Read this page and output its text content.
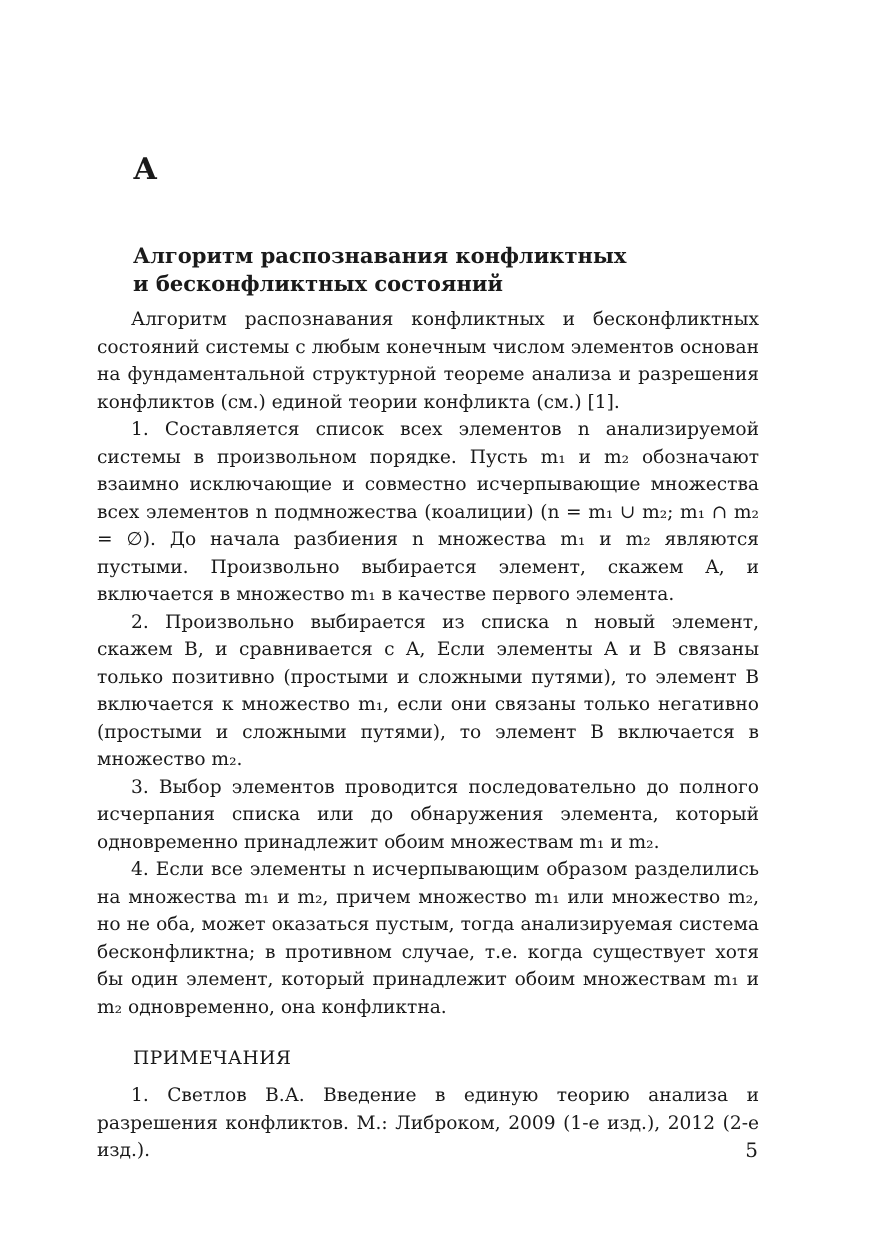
А
Алгоритм распознавания конфликтных
и бесконфликтных состояний

Алгоритм распознавания конфликтных и бесконфликтных состояний системы с любым конечным числом элементов основан на фундаментальной структурной теореме анализа и разрешения конфликтов (см.) единой теории конфликта (см.) [1].

1. Составляется список всех элементов n анализируемой системы в произвольном порядке. Пусть m₁ и m₂ обозначают взаимно исключающие и совместно исчерпывающие множества всех элементов n подмножества (коалиции) (n = m₁ ∪ m₂; m₁ ∩ m₂ = ∅). До начала разбиения n множества m₁ и m₂ являются пустыми. Произвольно выбирается элемент, скажем A, и включается в множество m₁ в качестве первого элемента.

2. Произвольно выбирается из списка n новый элемент, скажем B, и сравнивается с A, Если элементы A и B связаны только позитивно (простыми и сложными путями), то элемент B включается к множество m₁, если они связаны только негативно (простыми и сложными путями), то элемент B включается в множество m₂.

3. Выбор элементов проводится последовательно до полного исчерпания списка или до обнаружения элемента, который одновременно принадлежит обоим множествам m₁ и m₂.

4. Если все элементы n исчерпывающим образом разделились на множества m₁ и m₂, причем множество m₁ или множество m₂, но не оба, может оказаться пустым, тогда анализируемая система бесконфликтна; в противном случае, т.е. когда существует хотя бы один элемент, который принадлежит обоим множествам m₁ и m₂ одновременно, она конфликтна.

ПРИМЕЧАНИЯ

1. Светлов В.А. Введение в единую теорию анализа и разрешения конфликтов. М.: Либроком, 2009 (1-е изд.), 2012 (2-е изд.).	5
